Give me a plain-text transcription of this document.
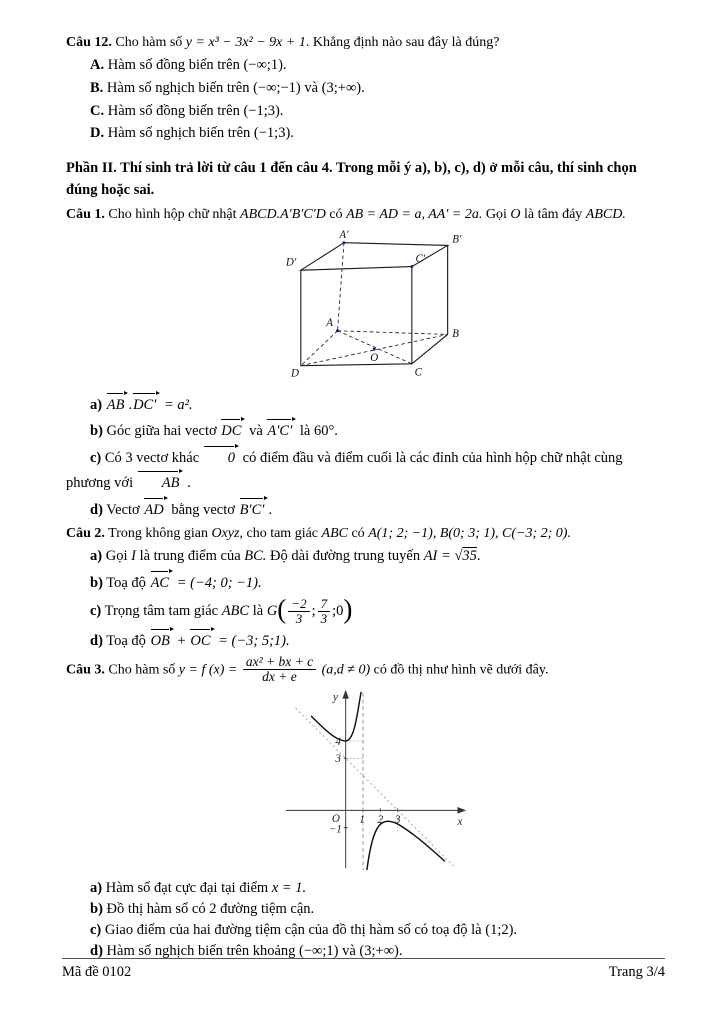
Câu 12. Cho hàm số y = x³ − 3x² − 9x + 1. Khẳng định nào sau đây là đúng?

A. Hàm số đồng biến trên (−∞;1).

B. Hàm số nghịch biến trên (−∞;−1) và (3;+∞).

C. Hàm số đồng biến trên (−1;3).

D. Hàm số nghịch biến trên (−1;3).

Phần II. Thí sinh trả lời từ câu 1 đến câu 4. Trong mỗi ý a), b), c), d) ở mỗi câu, thí sinh chọn đúng hoặc sai.

Câu 1. Cho hình hộp chữ nhật ABCD.A′B′C′D có AB = AD = a, AA′ = 2a. Gọi O là tâm đáy ABCD.

A′	B′
C′
D′
A
B
C
D
O

a) AB .DC′ = a².

b) Góc giữa hai vectơ DC và A′C′ là 60°.

c) Có 3 vectơ khác 0 có điểm đầu và điểm cuối là các đỉnh của hình hộp chữ nhật cùng phương với AB .

d) Vectơ AD bằng vectơ B′C′ .

Câu 2. Trong không gian Oxyz, cho tam giác ABC có A(1; 2; −1), B(0; 3; 1), C(−3; 2; 0).

a) Gọi I là trung điểm của BC. Độ dài đường trung tuyến AI = √35.

b) Toạ độ AC = (−4; 0; −1).

c) Trọng tâm tam giác ABC là $G( \frac{-2}{3}$ ; $\frac{7}{3}$ ;0)

d) Toạ độ OB + OC = (−3; 5;1).

Câu 3. Cho hàm số y = f $(x) = \frac{\text{ax² + bx + c}}{dx + e} (a,d \ne 0)$ có đồ thị như hình vẽ dưới đây.

y
x
O 1 2 3
3
4
−1

a) Hàm số đạt cực đại tại điểm x = 1.

b) Đồ thị hàm số có 2 đường tiệm cận.

c) Giao điểm của hai đường tiệm cận của đồ thị hàm số có toạ độ là (1;2).

d) Hàm số nghịch biến trên khoảng (−∞;1) và (3;+∞).

Mã đề 0102	Trang 3/4
